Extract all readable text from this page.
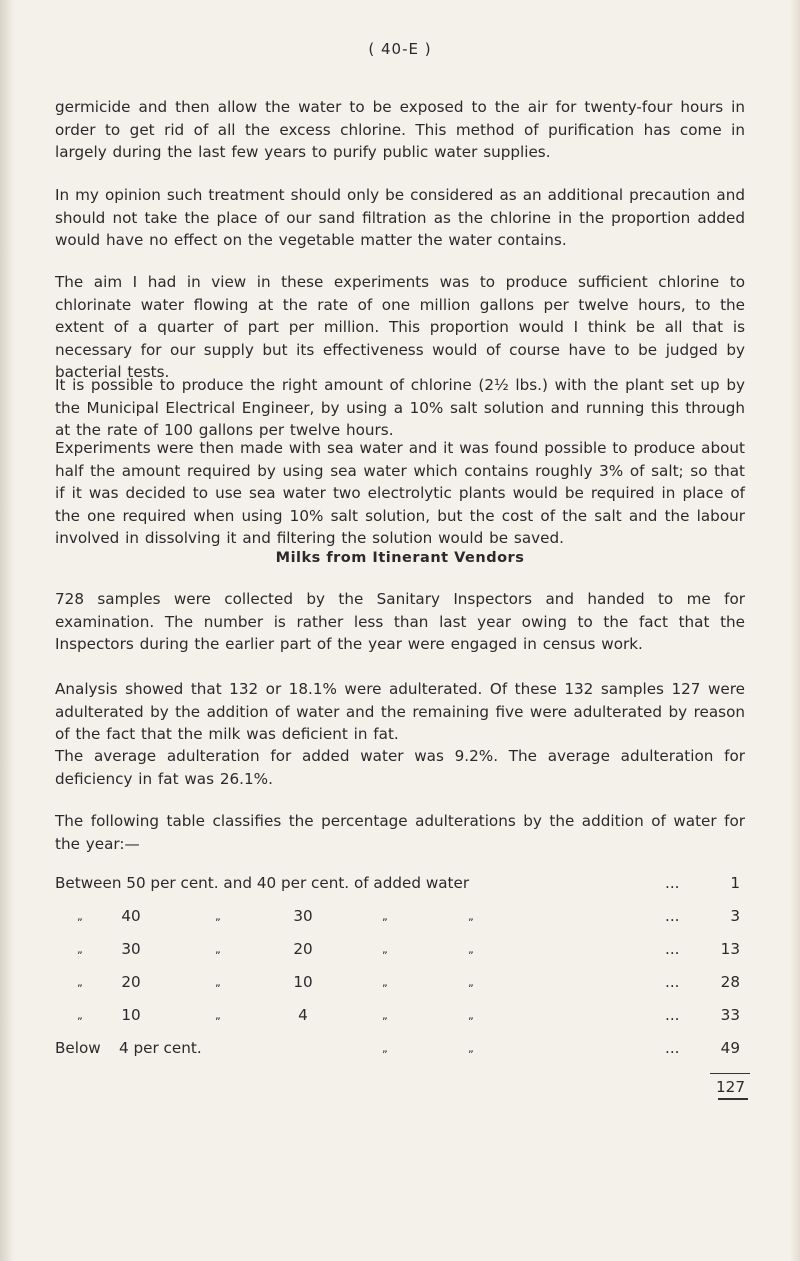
( 40-E )

germicide and then allow the water to be exposed to the air for twenty-four hours in order to get rid of all the excess chlorine. This method of purification has come in largely during the last few years to purify public water supplies.

In my opinion such treatment should only be considered as an additional precaution and should not take the place of our sand filtration as the chlorine in the proportion added would have no effect on the vegetable matter the water contains.

The aim I had in view in these experiments was to produce sufficient chlorine to chlorinate water flowing at the rate of one million gallons per twelve hours, to the extent of a quarter of part per million. This proportion would I think be all that is necessary for our supply but its effectiveness would of course have to be judged by bacterial tests.

It is possible to produce the right amount of chlorine (2½ lbs.) with the plant set up by the Municipal Electrical Engineer, by using a 10% salt solution and running this through at the rate of 100 gallons per twelve hours.

Experiments were then made with sea water and it was found possible to produce about half the amount required by using sea water which contains roughly 3% of salt; so that if it was decided to use sea water two electrolytic plants would be required in place of the one required when using 10% salt solution, but the cost of the salt and the labour involved in dissolving it and filtering the solution would be saved.

Milks from Itinerant Vendors

728 samples were collected by the Sanitary Inspectors and handed to me for examination. The number is rather less than last year owing to the fact that the Inspectors during the earlier part of the year were engaged in census work.

Analysis showed that 132 or 18.1% were adulterated. Of these 132 samples 127 were adulterated by the addition of water and the remaining five were adulterated by reason of the fact that the milk was deficient in fat.

The average adulteration for added water was 9.2%. The average adulteration for deficiency in fat was 26.1%.

The following table classifies the percentage adulterations by the addition of water for the year:—

Between 50 per cent. and 40 per cent. of added water	...	1
„	40	„	30	„	„	...	3
„	30	„	20	„	„	...	13
„	20	„	10	„	„	...	28
„	10	„	4	„	„	...	33
Below 4 per cent.	„	„	...	49
127
